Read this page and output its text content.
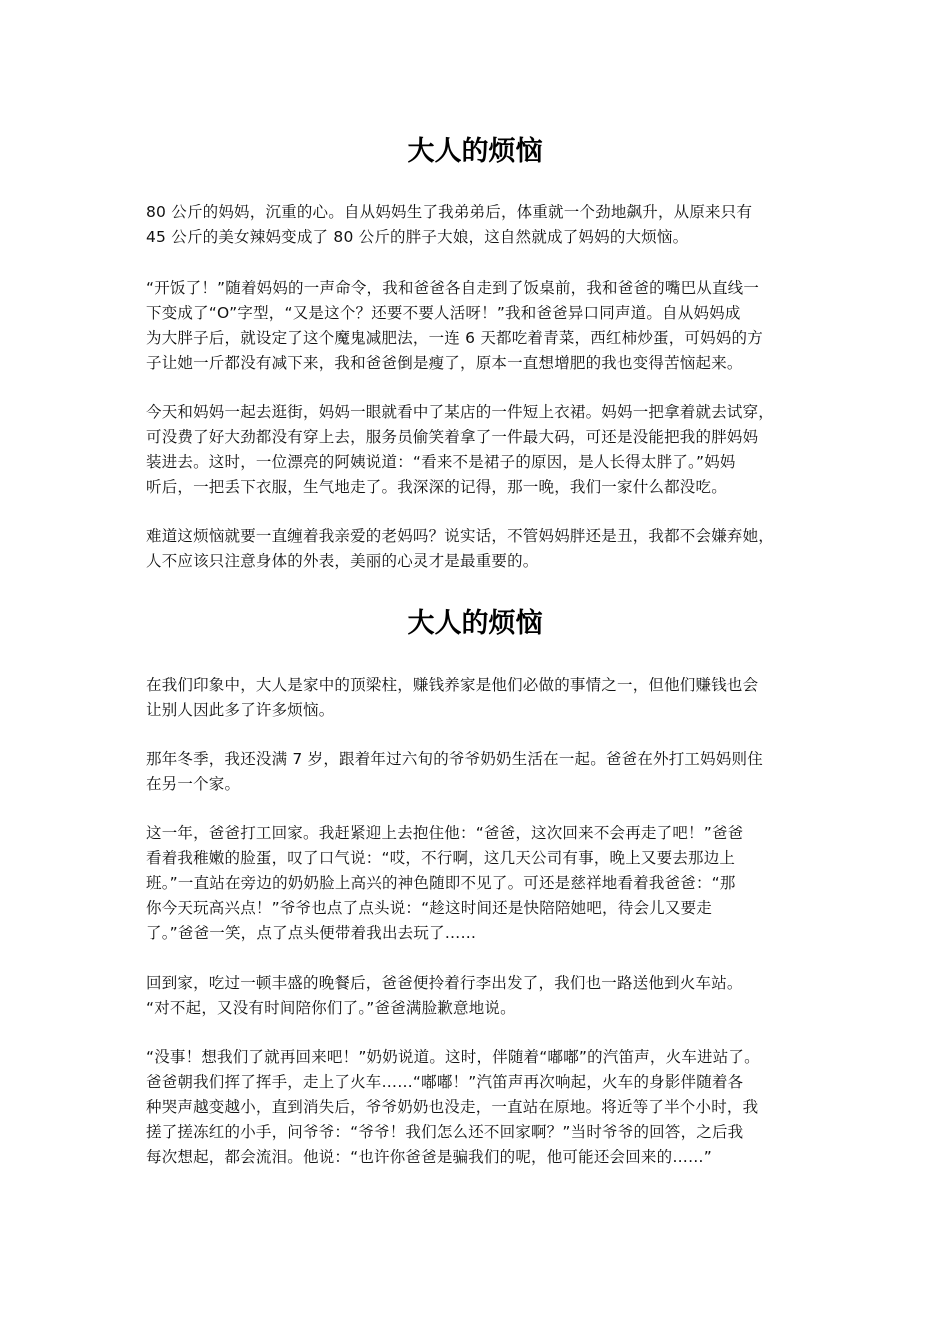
大人的烦恼
80 公斤的妈妈，沉重的心。自从妈妈生了我弟弟后，体重就一个劲地飙升，从原来只有
45 公斤的美女辣妈变成了 80 公斤的胖子大娘，这自然就成了妈妈的大烦恼。
“开饭了！”随着妈妈的一声命令，我和爸爸各自走到了饭桌前，我和爸爸的嘴巴从直线一
下变成了“O”字型，“又是这个？还要不要人活呀！”我和爸爸异口同声道。自从妈妈成
为大胖子后，就设定了这个魔鬼减肥法，一连 6 天都吃着青菜，西红柿炒蛋，可妈妈的方
子让她一斤都没有减下来，我和爸爸倒是瘦了，原本一直想增肥的我也变得苦恼起来。
今天和妈妈一起去逛街，妈妈一眼就看中了某店的一件短上衣裙。妈妈一把拿着就去试穿，
可没费了好大劲都没有穿上去，服务员偷笑着拿了一件最大码，可还是没能把我的胖妈妈
装进去。这时，一位漂亮的阿姨说道：“看来不是裙子的原因，是人长得太胖了。”妈妈
听后，一把丢下衣服，生气地走了。我深深的记得，那一晚，我们一家什么都没吃。
难道这烦恼就要一直缠着我亲爱的老妈吗？说实话，不管妈妈胖还是丑，我都不会嫌弃她，
人不应该只注意身体的外表，美丽的心灵才是最重要的。
大人的烦恼
在我们印象中，大人是家中的顶梁柱，赚钱养家是他们必做的事情之一，但他们赚钱也会
让别人因此多了许多烦恼。
那年冬季，我还没满 7 岁，跟着年过六旬的爷爷奶奶生活在一起。爸爸在外打工妈妈则住
在另一个家。
这一年，爸爸打工回家。我赶紧迎上去抱住他：“爸爸，这次回来不会再走了吧！”爸爸
看着我稚嫩的脸蛋，叹了口气说：“哎，不行啊，这几天公司有事，晚上又要去那边上
班。”一直站在旁边的奶奶脸上高兴的神色随即不见了。可还是慈祥地看着我爸爸：“那
你今天玩高兴点！”爷爷也点了点头说：“趁这时间还是快陪陪她吧，待会儿又要走
了。”爸爸一笑，点了点头便带着我出去玩了……
回到家，吃过一顿丰盛的晚餐后，爸爸便拎着行李出发了，我们也一路送他到火车站。
“对不起，又没有时间陪你们了。”爸爸满脸歉意地说。
“没事！想我们了就再回来吧！”奶奶说道。这时，伴随着“嘟嘟”的汽笛声，火车进站了。
爸爸朝我们挥了挥手，走上了火车……“嘟嘟！”汽笛声再次响起，火车的身影伴随着各
种哭声越变越小，直到消失后，爷爷奶奶也没走，一直站在原地。将近等了半个小时，我
搓了搓冻红的小手，问爷爷：“爷爷！我们怎么还不回家啊？”当时爷爷的回答，之后我
每次想起，都会流泪。他说：“也许你爸爸是骗我们的呢，他可能还会回来的……”
